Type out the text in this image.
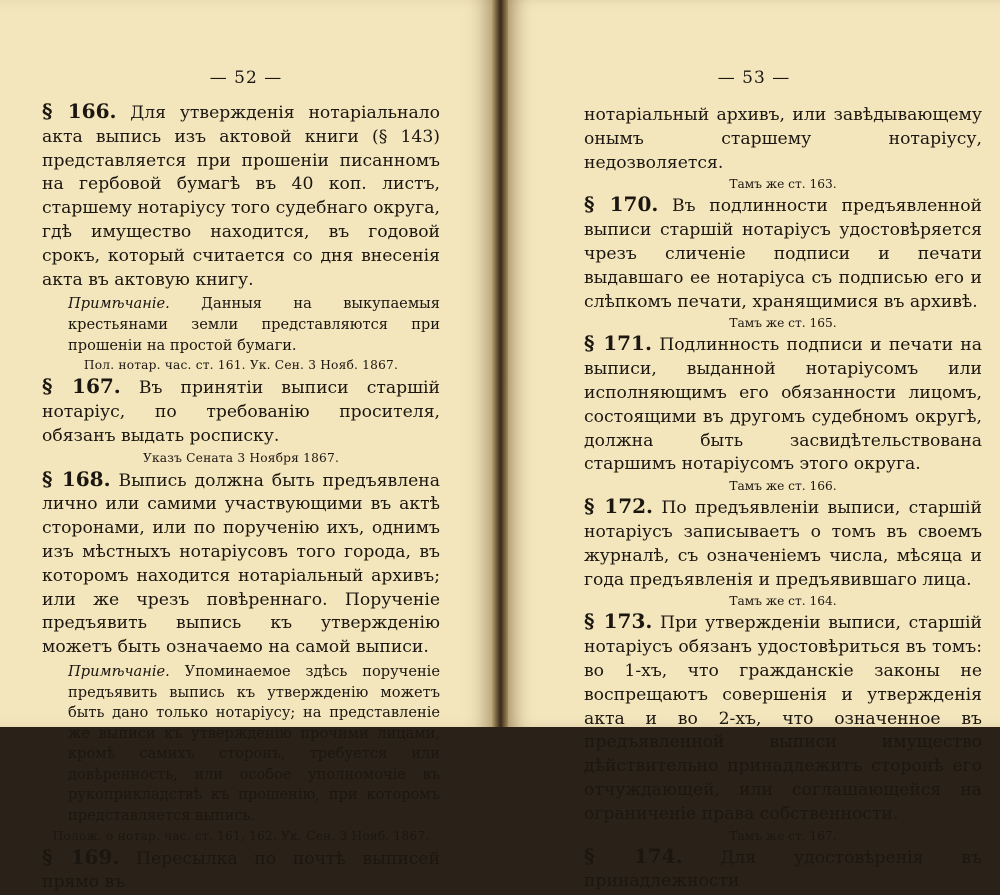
— 52 —

§ 166. Для утвержденія нотаріальнало акта выпись изъ актовой книги (§ 143) представляется при прошеніи писанномъ на гербовой бумагѣ въ 40 коп. листъ, старшему нотаріусу того судебнаго округа, гдѣ имущество находится, въ годовой срокъ, который считается со дня внесенія акта въ актовую книгу.

Примѣчаніе. Данныя на выкупаемыя крестьянами земли представляются при прошеніи на простой бумаги.

Пол. нотар. час. ст. 161. Ук. Сен. 3 Нояб. 1867.

§ 167. Въ принятіи выписи старшій нотаріус, по требованію просителя, обязанъ выдать росписку.

Указъ Сената 3 Ноября 1867.

§ 168. Выпись должна быть предъявлена лично или самими участвующими въ актѣ сторонами, или по порученію ихъ, однимъ изъ мѣстныхъ нотаріусовъ того города, въ которомъ находится нотаріальный архивъ; или же чрезъ повѣреннаго. Порученіе предъявить выпись къ утвержденію можетъ быть означаемо на самой выписи.

Примѣчаніе. Упоминаемое здѣсь порученіе предъявить выпись къ утвержденію можетъ быть дано только нотаріусу; на представленіе же выписи къ утвержденію прочими лицами, кромѣ самихъ сторонъ, требуется или довѣренность, или особое уполномочіе въ рукоприкладствѣ къ прошенію, при которомъ представляется выпись.

Полож. о нотар. час. ст. 161, 162. Ук. Сен. 3 Нояб. 1867.

§ 169. Пересылка по почтѣ выписей прямо въ

— 53 —

нотаріальный архивъ, или завѣдывающему онымъ старшему нотаріусу, недозволяется.

Тамъ же ст. 163.

§ 170. Въ подлинности предъявленной выписи старшій нотаріусъ удостовѣряется чрезъ сличеніе подписи и печати выдавшаго ее нотаріуса съ подписью его и слѣпкомъ печати, хранящимися въ архивѣ.

Тамъ же ст. 165.

§ 171. Подлинность подписи и печати на выписи, выданной нотаріусомъ или исполняющимъ его обязанности лицомъ, состоящими въ другомъ судебномъ округѣ, должна быть засвидѣтельствована старшимъ нотаріусомъ этого округа.

Тамъ же ст. 166.

§ 172. По предъявленіи выписи, старшій нотаріусъ записываетъ о томъ въ своемъ журналѣ, съ означеніемъ числа, мѣсяца и года предъявленія и предъявившаго лица.

Тамъ же ст. 164.

§ 173. При утвержденіи выписи, старшій нотаріусъ обязанъ удостовѣриться въ томъ: во 1-хъ, что гражданскіе законы не воспрещаютъ совершенія и утвержденія акта и во 2-хъ, что означенное въ предъявленной выписи имущество дѣйствительно принадлежитъ сторонѣ его отчуждающей, или соглашающейся на ограниченіе права собственности.

Тамъ же ст. 167.

§ 174. Для удостовѣренія въ принадлежности
